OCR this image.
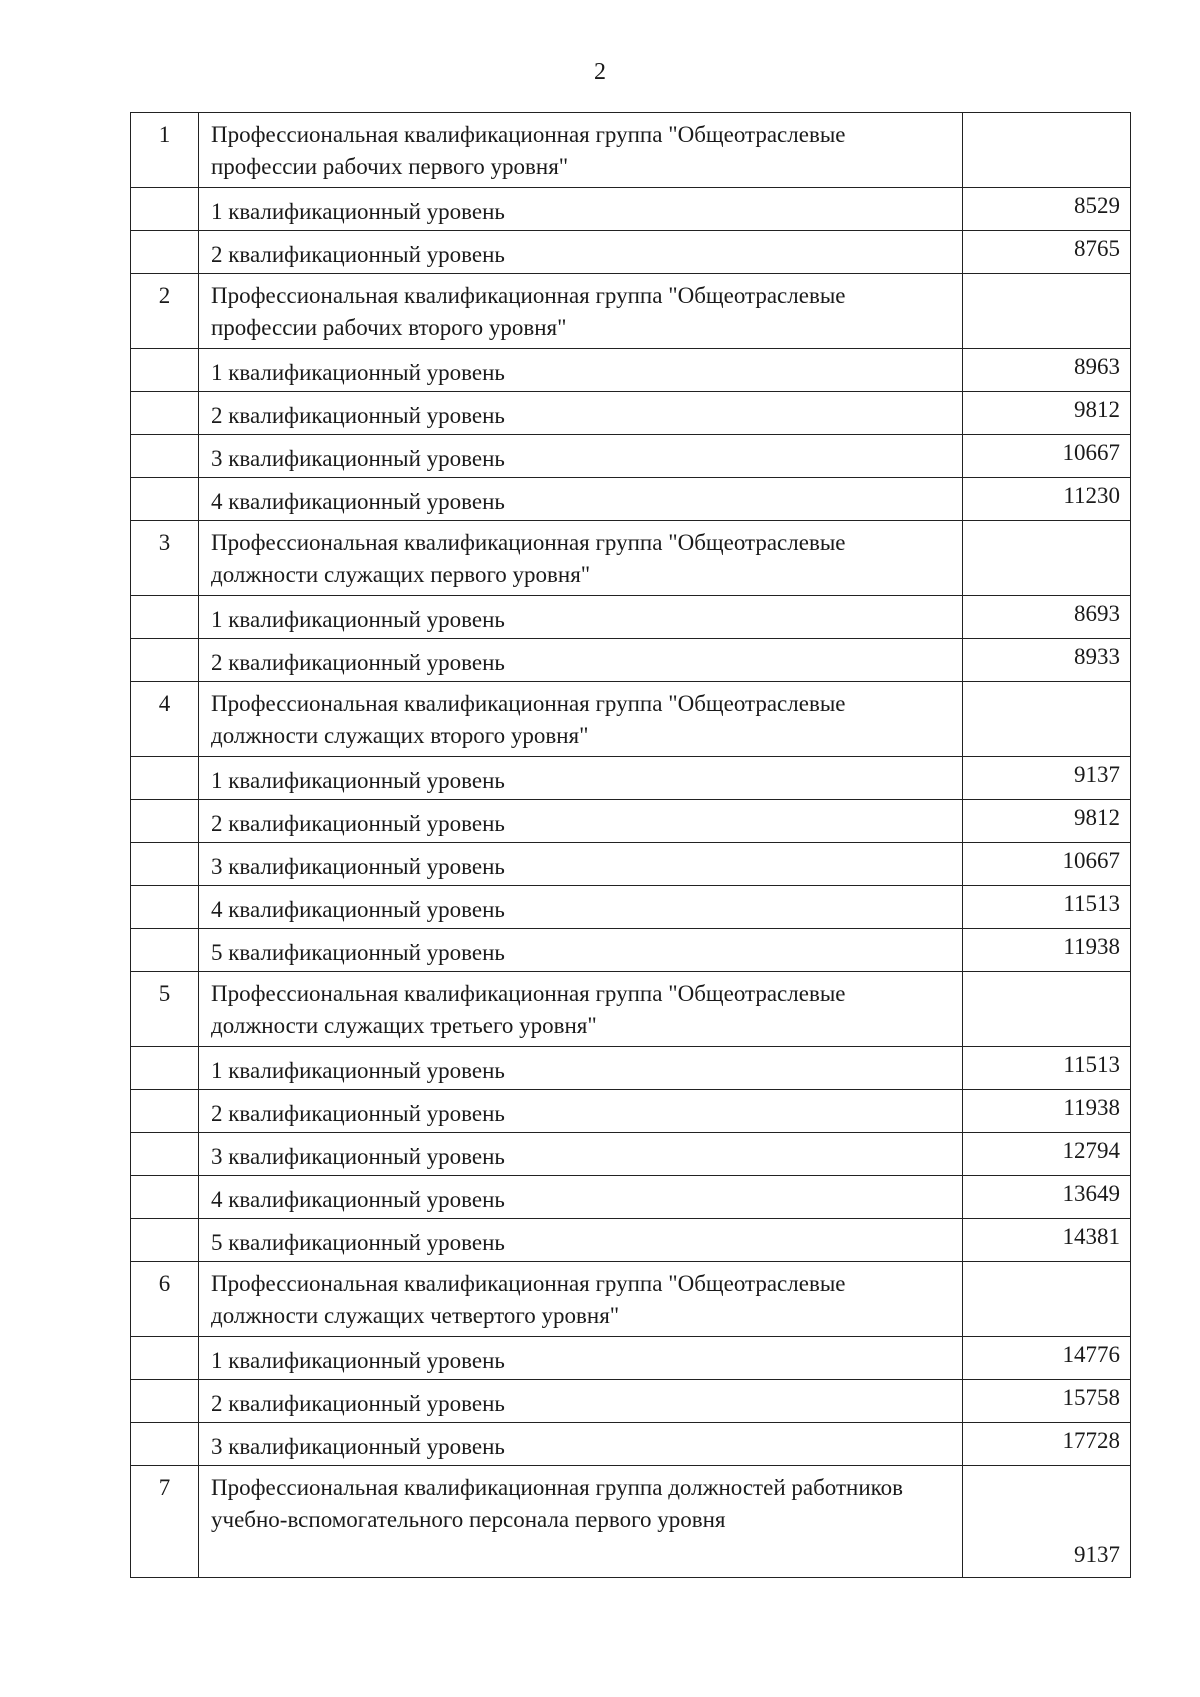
2
1	Профессиональная квалификационная группа "Общеотраслевые профессии рабочих первого уровня"	
	1 квалификационный уровень	8529
	2 квалификационный уровень	8765
2	Профессиональная квалификационная группа "Общеотраслевые профессии рабочих второго уровня"	
	1 квалификационный уровень	8963
	2 квалификационный уровень	9812
	3 квалификационный уровень	10667
	4 квалификационный уровень	11230
3	Профессиональная квалификационная группа "Общеотраслевые должности служащих первого уровня"	
	1 квалификационный уровень	8693
	2 квалификационный уровень	8933
4	Профессиональная квалификационная группа "Общеотраслевые должности служащих второго уровня"	
	1 квалификационный уровень	9137
	2 квалификационный уровень	9812
	3 квалификационный уровень	10667
	4 квалификационный уровень	11513
	5 квалификационный уровень	11938
5	Профессиональная квалификационная группа "Общеотраслевые должности служащих третьего уровня"	
	1 квалификационный уровень	11513
	2 квалификационный уровень	11938
	3 квалификационный уровень	12794
	4 квалификационный уровень	13649
	5 квалификационный уровень	14381
6	Профессиональная квалификационная группа "Общеотраслевые должности служащих четвертого уровня"	
	1 квалификационный уровень	14776
	2 квалификационный уровень	15758
	3 квалификационный уровень	17728
7	Профессиональная квалификационная группа должностей работников учебно-вспомогательного персонала первого уровня	9137
